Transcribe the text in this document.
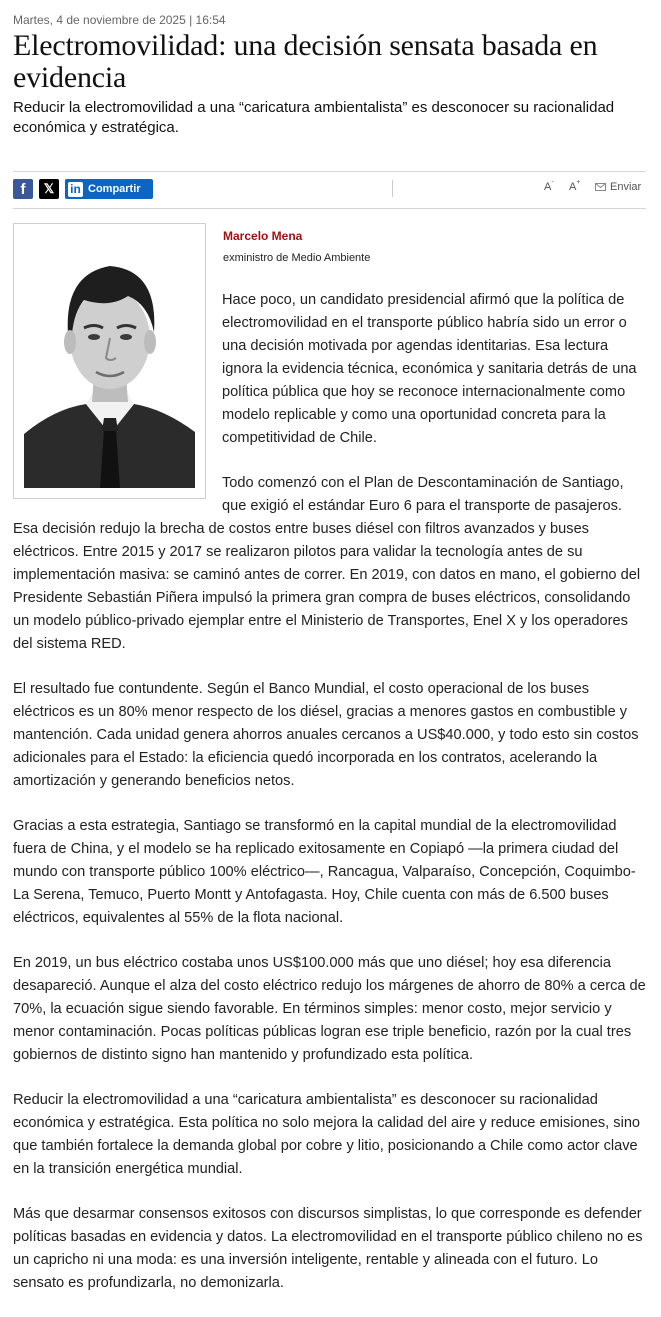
Martes, 4 de noviembre de 2025 | 16:54
Electromovilidad: una decisión sensata basada en evidencia

Reducir la electromovilidad a una “caricatura ambientalista” es desconocer su racionalidad económica y estratégica.

f 𝕏 in Compartir	A- A+	Enviar
Marcelo Mena
exministro de Medio Ambiente

Hace poco, un candidato presidencial afirmó que la política de electromovilidad en el transporte público habría sido un error o una decisión motivada por agendas identitarias. Esa lectura ignora la evidencia técnica, económica y sanitaria detrás de una política pública que hoy se reconoce internacionalmente como modelo replicable y como una oportunidad concreta para la competitividad de Chile.

Todo comenzó con el Plan de Descontaminación de Santiago, que exigió el estándar Euro 6 para el transporte de pasajeros. Esa decisión redujo la brecha de costos entre buses diésel con filtros avanzados y buses eléctricos. Entre 2015 y 2017 se realizaron pilotos para validar la tecnología antes de su implementación masiva: se caminó antes de correr. En 2019, con datos en mano, el gobierno del Presidente Sebastián Piñera impulsó la primera gran compra de buses eléctricos, consolidando un modelo público-privado ejemplar entre el Ministerio de Transportes, Enel X y los operadores del sistema RED.

El resultado fue contundente. Según el Banco Mundial, el costo operacional de los buses eléctricos es un 80% menor respecto de los diésel, gracias a menores gastos en combustible y mantención. Cada unidad genera ahorros anuales cercanos a US$40.000, y todo esto sin costos adicionales para el Estado: la eficiencia quedó incorporada en los contratos, acelerando la amortización y generando beneficios netos.

Gracias a esta estrategia, Santiago se transformó en la capital mundial de la electromovilidad fuera de China, y el modelo se ha replicado exitosamente en Copiapó —la primera ciudad del mundo con transporte público 100% eléctrico—, Rancagua, Valparaíso, Concepción, Coquimbo-La Serena, Temuco, Puerto Montt y Antofagasta. Hoy, Chile cuenta con más de 6.500 buses eléctricos, equivalentes al 55% de la flota nacional.

En 2019, un bus eléctrico costaba unos US$100.000 más que uno diésel; hoy esa diferencia desapareció. Aunque el alza del costo eléctrico redujo los márgenes de ahorro de 80% a cerca de 70%, la ecuación sigue siendo favorable. En términos simples: menor costo, mejor servicio y menor contaminación. Pocas políticas públicas logran ese triple beneficio, razón por la cual tres gobiernos de distinto signo han mantenido y profundizado esta política.

Reducir la electromovilidad a una “caricatura ambientalista” es desconocer su racionalidad económica y estratégica. Esta política no solo mejora la calidad del aire y reduce emisiones, sino que también fortalece la demanda global por cobre y litio, posicionando a Chile como actor clave en la transición energética mundial.

Más que desarmar consensos exitosos con discursos simplistas, lo que corresponde es defender políticas basadas en evidencia y datos. La electromovilidad en el transporte público chileno no es un capricho ni una moda: es una inversión inteligente, rentable y alineada con el futuro. Lo sensato es profundizarla, no demonizarla.
